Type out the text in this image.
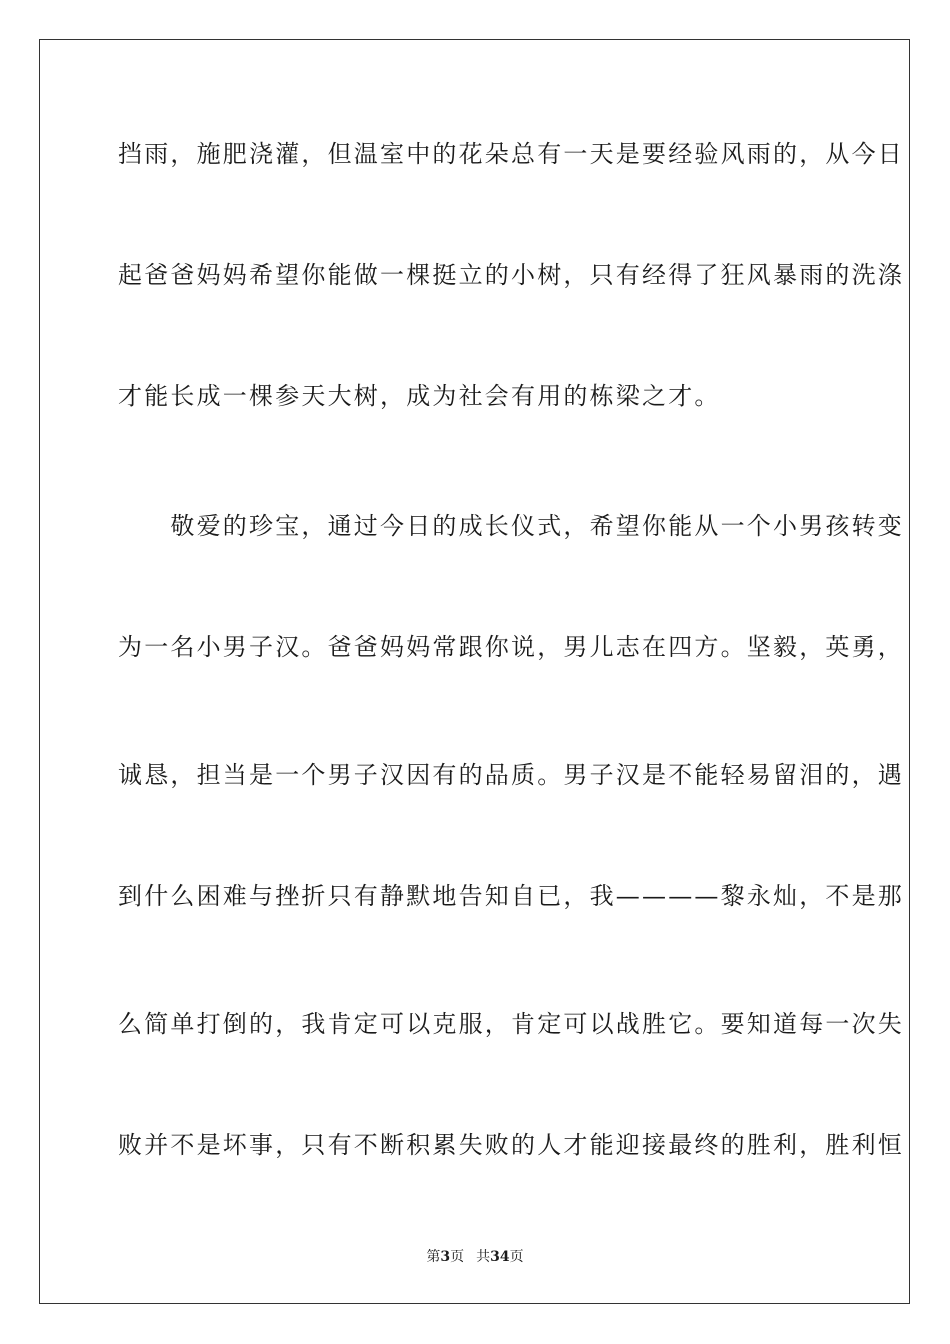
挡雨，施肥浇灌，但温室中的花朵总有一天是要经验风雨的，从今日
起爸爸妈妈希望你能做一棵挺立的小树，只有经得了狂风暴雨的洗涤
才能长成一棵参天大树，成为社会有用的栋梁之才。
　　敬爱的珍宝，通过今日的成长仪式，希望你能从一个小男孩转变
为一名小男子汉。爸爸妈妈常跟你说，男儿志在四方。坚毅，英勇，
诚恳，担当是一个男子汉因有的品质。男子汉是不能轻易留泪的，遇
到什么困难与挫折只有静默地告知自已，我————黎永灿，不是那
么简单打倒的，我肯定可以克服，肯定可以战胜它。要知道每一次失
败并不是坏事，只有不断积累失败的人才能迎接最终的胜利，胜利恒
第3页 共34页
